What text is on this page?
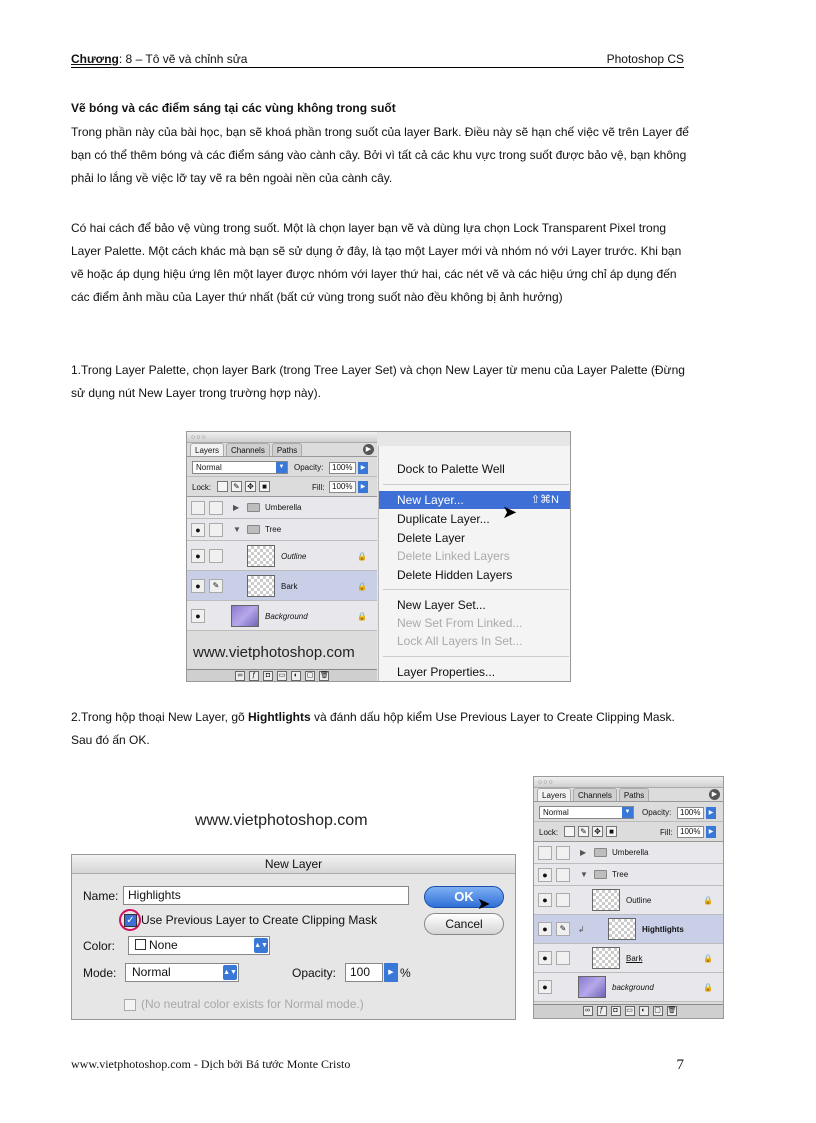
Chương: 8 – Tô vẽ và chỉnh sửa	Photoshop CS
Vẽ bóng và các điểm sáng tại các vùng không trong suốt
Trong phần này của bài học, bạn sẽ khoá phần trong suốt của layer Bark. Điều này sẽ hạn chế việc vẽ trên Layer để bạn có thể thêm bóng và các điểm sáng vào cành cây. Bởi vì tất cả các khu vực trong suốt được bảo vệ, bạn không phải lo lắng về việc lỡ tay vẽ ra bên ngoài nền của cành cây.
Có hai cách để bảo vệ vùng trong suốt. Một là chọn layer bạn vẽ và dùng lựa chọn Lock Transparent Pixel trong Layer Palette. Một cách khác mà bạn sẽ sử dụng ở đây, là tạo một Layer mới và nhóm nó với Layer trước. Khi bạn vẽ hoặc áp dụng hiệu ứng lên một layer được nhóm với layer thứ hai, các nét vẽ và các hiệu ứng chỉ áp dụng đến các điểm ảnh mầu của Layer thứ nhất (bất cứ vùng trong suốt nào đều không bị ảnh hưởng)
1.Trong Layer Palette, chọn layer Bark (trong Tree Layer Set) và chọn New Layer từ menu của Layer Palette (Đừng sử dụng nút New Layer trong trường hợp này).
○○○
Layers	Channels	Paths	▶
Normal	▼	Opacity:	100%	▶
Lock:	✎ ✥	■	Fill: 100%	▶
▶	Umberella
●	▼	Tree
●	Outline	🔒
●	✎	Bark	🔒
●	Background	🔒
www.vietphotoshop.com
∞	ƒ	◘	▭	◐	▢ 🗑
Dock to Palette Well
New Layer...	⇧⌘N
Duplicate Layer...
Delete Layer
Delete Linked Layers
Delete Hidden Layers
New Layer Set...
New Set From Linked...
Lock All Layers In Set...
Layer Properties...
➤
2.Trong hộp thoại New Layer, gõ Hightlights và đánh dấu hộp kiểm Use Previous Layer to Create Clipping Mask. Sau đó ấn OK.
www.vietphotoshop.com
New Layer
Name: Highlights	OK
Cancel
✓ Use Previous Layer to Create Clipping Mask
Color:	None	▲▼
Mode:	Normal	▲▼	Opacity:	100	▶ %
(No neutral color exists for Normal mode.)
➤
○○○
Layers	Channels	Paths	▶
Normal	▼	Opacity:	100%	▶
Lock:	✎ ✥	■	Fill: 100%	▶
▶	Umberella
●	▼	Tree
●	Outline	🔒
●	✎	↲	Hightlights
●	Bark	🔒
●	background	🔒
∞	ƒ	◘	▭	◐	▢ 🗑
www.vietphotoshop.com - Dịch bởi Bá tước Monte Cristo	7
